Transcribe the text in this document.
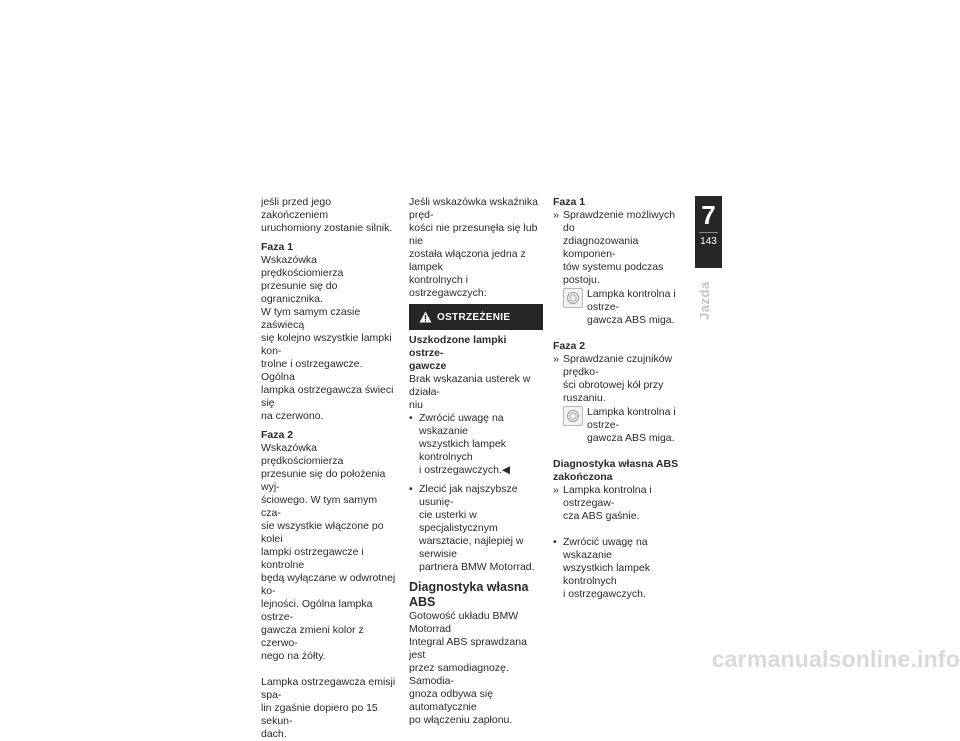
jeśli przed jego zakończeniem
uruchomiony zostanie silnik.

Faza 1

Wskazówka prędkościomierza
przesunie się do ogranicznika.
W tym samym czasie zaświecą
się kolejno wszystkie lampki kon-
trolne i ostrzegawcze. Ogólna
lampka ostrzegawcza świeci się
na czerwono.

Faza 2

Wskazówka prędkościomierza
przesunie się do położenia wyj-
ściowego. W tym samym cza-
sie wszystkie włączone po kolei
lampki ostrzegawcze i kontrolne
będą wyłączane w odwrotnej ko-
lejności. Ogólna lampka ostrze-
gawcza zmieni kolor z czerwo-
nego na żółty.

Lampka ostrzegawcza emisji spa-
lin zgaśnie dopiero po 15 sekun-
dach.

Jeśli wskazówka wskaźnika pręd-
kości nie przesunęła się lub nie
została włączona jedna z lampek
kontrolnych i ostrzegawczych:

OSTRZEŻENIE

Uszkodzone lampki ostrze-
gawcze

Brak wskazania usterek w działa-
niu

• Zwrócić uwagę na wskazanie
wszystkich lampek kontrolnych
i ostrzegawczych.◀
• Zlecić jak najszybsze usunię-
cie usterki w specjalistycznym
warsztacie, najlepiej w serwisie
partnera BMW Motorrad.

Diagnostyka własna ABS

Gotowość układu BMW Motorrad
Integral ABS sprawdzana jest
przez samodiagnozę. Samodia-
gnoza odbywa się automatycznie
po włączeniu zapłonu.

Faza 1

» Sprawdzenie możliwych do
zdiagnozowania komponen-
tów systemu podczas postoju.
Lampka kontrolna i ostrze-
gawcza ABS miga.

Faza 2

» Sprawdzanie czujników prędko-
ści obrotowej kół przy ruszaniu.
Lampka kontrolna i ostrze-
gawcza ABS miga.

Diagnostyka własna ABS
zakończona

» Lampka kontrolna i ostrzegaw-
cza ABS gaśnie.
• Zwrócić uwagę na wskazanie
wszystkich lampek kontrolnych
i ostrzegawczych.
7
143
Jazda
carmanualsonline.info
